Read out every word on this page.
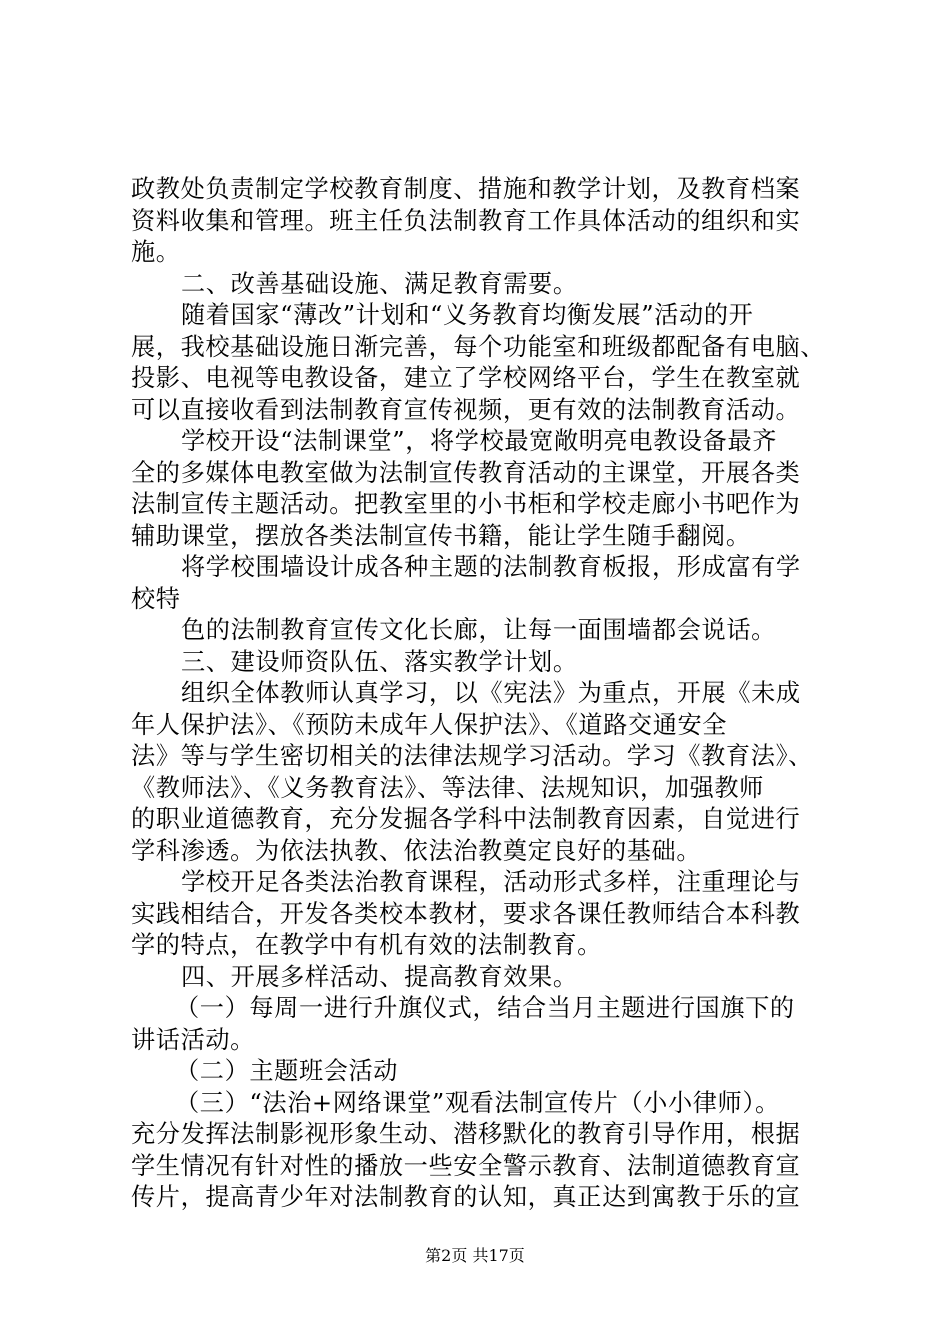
政教处负责制定学校教育制度、措施和教学计划，及教育档案
资料收集和管理。班主任负法制教育工作具体活动的组织和实
施。
二、改善基础设施、满足教育需要。
随着国家“薄改”计划和“义务教育均衡发展”活动的开
展，我校基础设施日渐完善，每个功能室和班级都配备有电脑、
投影、电视等电教设备，建立了学校网络平台，学生在教室就
可以直接收看到法制教育宣传视频，更有效的法制教育活动。
学校开设“法制课堂”，将学校最宽敞明亮电教设备最齐
全的多媒体电教室做为法制宣传教育活动的主课堂，开展各类
法制宣传主题活动。把教室里的小书柜和学校走廊小书吧作为
辅助课堂，摆放各类法制宣传书籍，能让学生随手翻阅。
将学校围墙设计成各种主题的法制教育板报，形成富有学
校特
色的法制教育宣传文化长廊，让每一面围墙都会说话。
三、建设师资队伍、落实教学计划。
组织全体教师认真学习，以《宪法》为重点，开展《未成
年人保护法》、《预防未成年人保护法》、《道路交通安全
法》等与学生密切相关的法律法规学习活动。学习《教育法》、
《教师法》、《义务教育法》、等法律、法规知识，加强教师
的职业道德教育，充分发掘各学科中法制教育因素，自觉进行
学科渗透。为依法执教、依法治教奠定良好的基础。
学校开足各类法治教育课程，活动形式多样，注重理论与
实践相结合，开发各类校本教材，要求各课任教师结合本科教
学的特点，在教学中有机有效的法制教育。
四、开展多样活动、提高教育效果。
（一）每周一进行升旗仪式，结合当月主题进行国旗下的
讲话活动。
（二）主题班会活动
（三）“法治+网络课堂”观看法制宣传片（小小律师）。
充分发挥法制影视形象生动、潜移默化的教育引导作用，根据
学生情况有针对性的播放一些安全警示教育、法制道德教育宣
传片，提高青少年对法制教育的认知，真正达到寓教于乐的宣
第2页 共17页
